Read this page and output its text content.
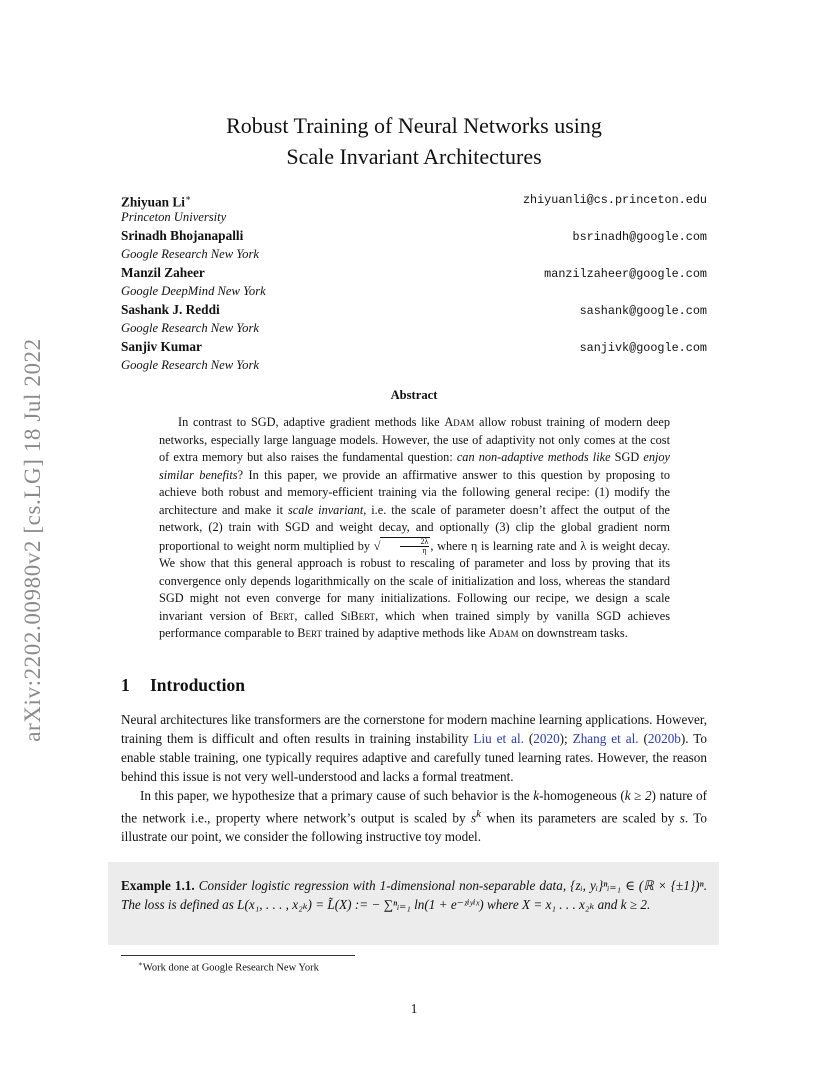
arXiv:2202.00980v2 [cs.LG] 18 Jul 2022
Robust Training of Neural Networks using
Scale Invariant Architectures
Zhiyuan Li∗
Princeton University
zhiyuanli@cs.princeton.edu
Srinadh Bhojanapalli
Google Research New York
bsrinadh@google.com
Manzil Zaheer
Google DeepMind New York
manzilzaheer@google.com
Sashank J. Reddi
Google Research New York
sashank@google.com
Sanjiv Kumar
Google Research New York
sanjivk@google.com
Abstract

In contrast to SGD, adaptive gradient methods like Adam allow robust training of modern deep networks, especially large language models. However, the use of adaptivity not only comes at the cost of extra memory but also raises the fundamental question: can non-adaptive methods like SGD enjoy similar benefits? In this paper, we provide an affirmative answer to this question by proposing to achieve both robust and memory-efficient training via the following general recipe: (1) modify the architecture and make it scale invariant, i.e. the scale of parameter doesn’t affect the output of the network, (2) train with SGD and weight decay, and optionally (3) clip the global gradient norm proportional to weight norm multiplied by √	$\frac{2\lambda}{\eta}$ , where η is learning rate and λ is weight decay. We show that this general approach is robust to rescaling of parameter and loss by proving that its convergence only depends logarithmically on the scale of initialization and loss, whereas the standard SGD might not even converge for many initializations. Following our recipe, we design a scale invariant version of Bert, called SiBert, which when trained simply by vanilla SGD achieves performance comparable to Bert trained by adaptive methods like Adam on downstream tasks.

1 Introduction

Neural architectures like transformers are the cornerstone for modern machine learning applications. However, training them is difficult and often results in training instability Liu et al. (2020); Zhang et al. (2020b). To enable stable training, one typically requires adaptive and carefully tuned learning rates. However, the reason behind this issue is not very well-understood and lacks a formal treatment.

In this paper, we hypothesize that a primary cause of such behavior is the k-homogeneous (k ≥ 2) nature of the network i.e., property where network’s output is scaled by $s^k$ when its parameters are scaled by s. To illustrate our point, we consider the following instructive toy model.

Example 1.1. Consider logistic regression with 1-dimensional non-separable data, {zᵢ, yᵢ}ⁿᵢ₌₁ ∈ (ℝ × {±1})ⁿ. The loss is defined as L(x₁, . . . , x₂ₖ) = L̃(X) := − ∑ⁿᵢ₌₁ ln(1 + e⁻ᶻⁱʸⁱˣ) where X = x₁ . . . x₂ₖ and k ≥ 2.
∗Work done at Google Research New York
1
